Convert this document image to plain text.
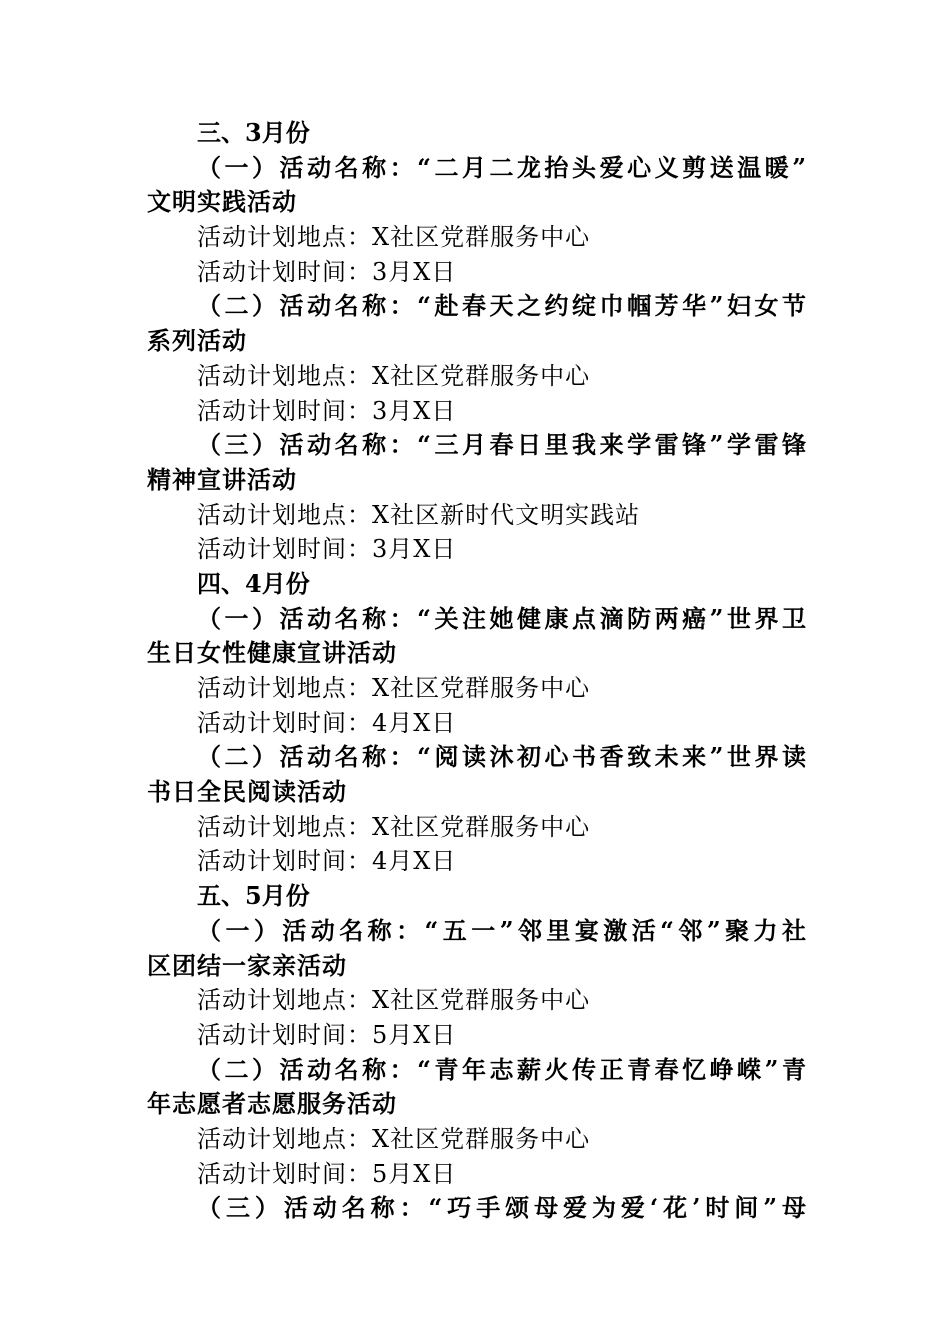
三、3月份
（一）活动名称：“二月二龙抬头爱心义剪送温暖”
文明实践活动
活动计划地点：X社区党群服务中心
活动计划时间：3月X日
（二）活动名称：“赴春天之约绽巾帼芳华”妇女节
系列活动
活动计划地点：X社区党群服务中心
活动计划时间：3月X日
（三）活动名称：“三月春日里我来学雷锋”学雷锋
精神宣讲活动
活动计划地点：X社区新时代文明实践站
活动计划时间：3月X日
四、4月份
（一）活动名称：“关注她健康点滴防两癌”世界卫
生日女性健康宣讲活动
活动计划地点：X社区党群服务中心
活动计划时间：4月X日
（二）活动名称：“阅读沐初心书香致未来”世界读
书日全民阅读活动
活动计划地点：X社区党群服务中心
活动计划时间：4月X日
五、5月份
（一）活动名称：“五一”邻里宴激活“邻”聚力社
区团结一家亲活动
活动计划地点：X社区党群服务中心
活动计划时间：5月X日
（二）活动名称：“青年志薪火传正青春忆峥嵘”青
年志愿者志愿服务活动
活动计划地点：X社区党群服务中心
活动计划时间：5月X日
（三）活动名称：“巧手颂母爱为爱‘花’时间”母
